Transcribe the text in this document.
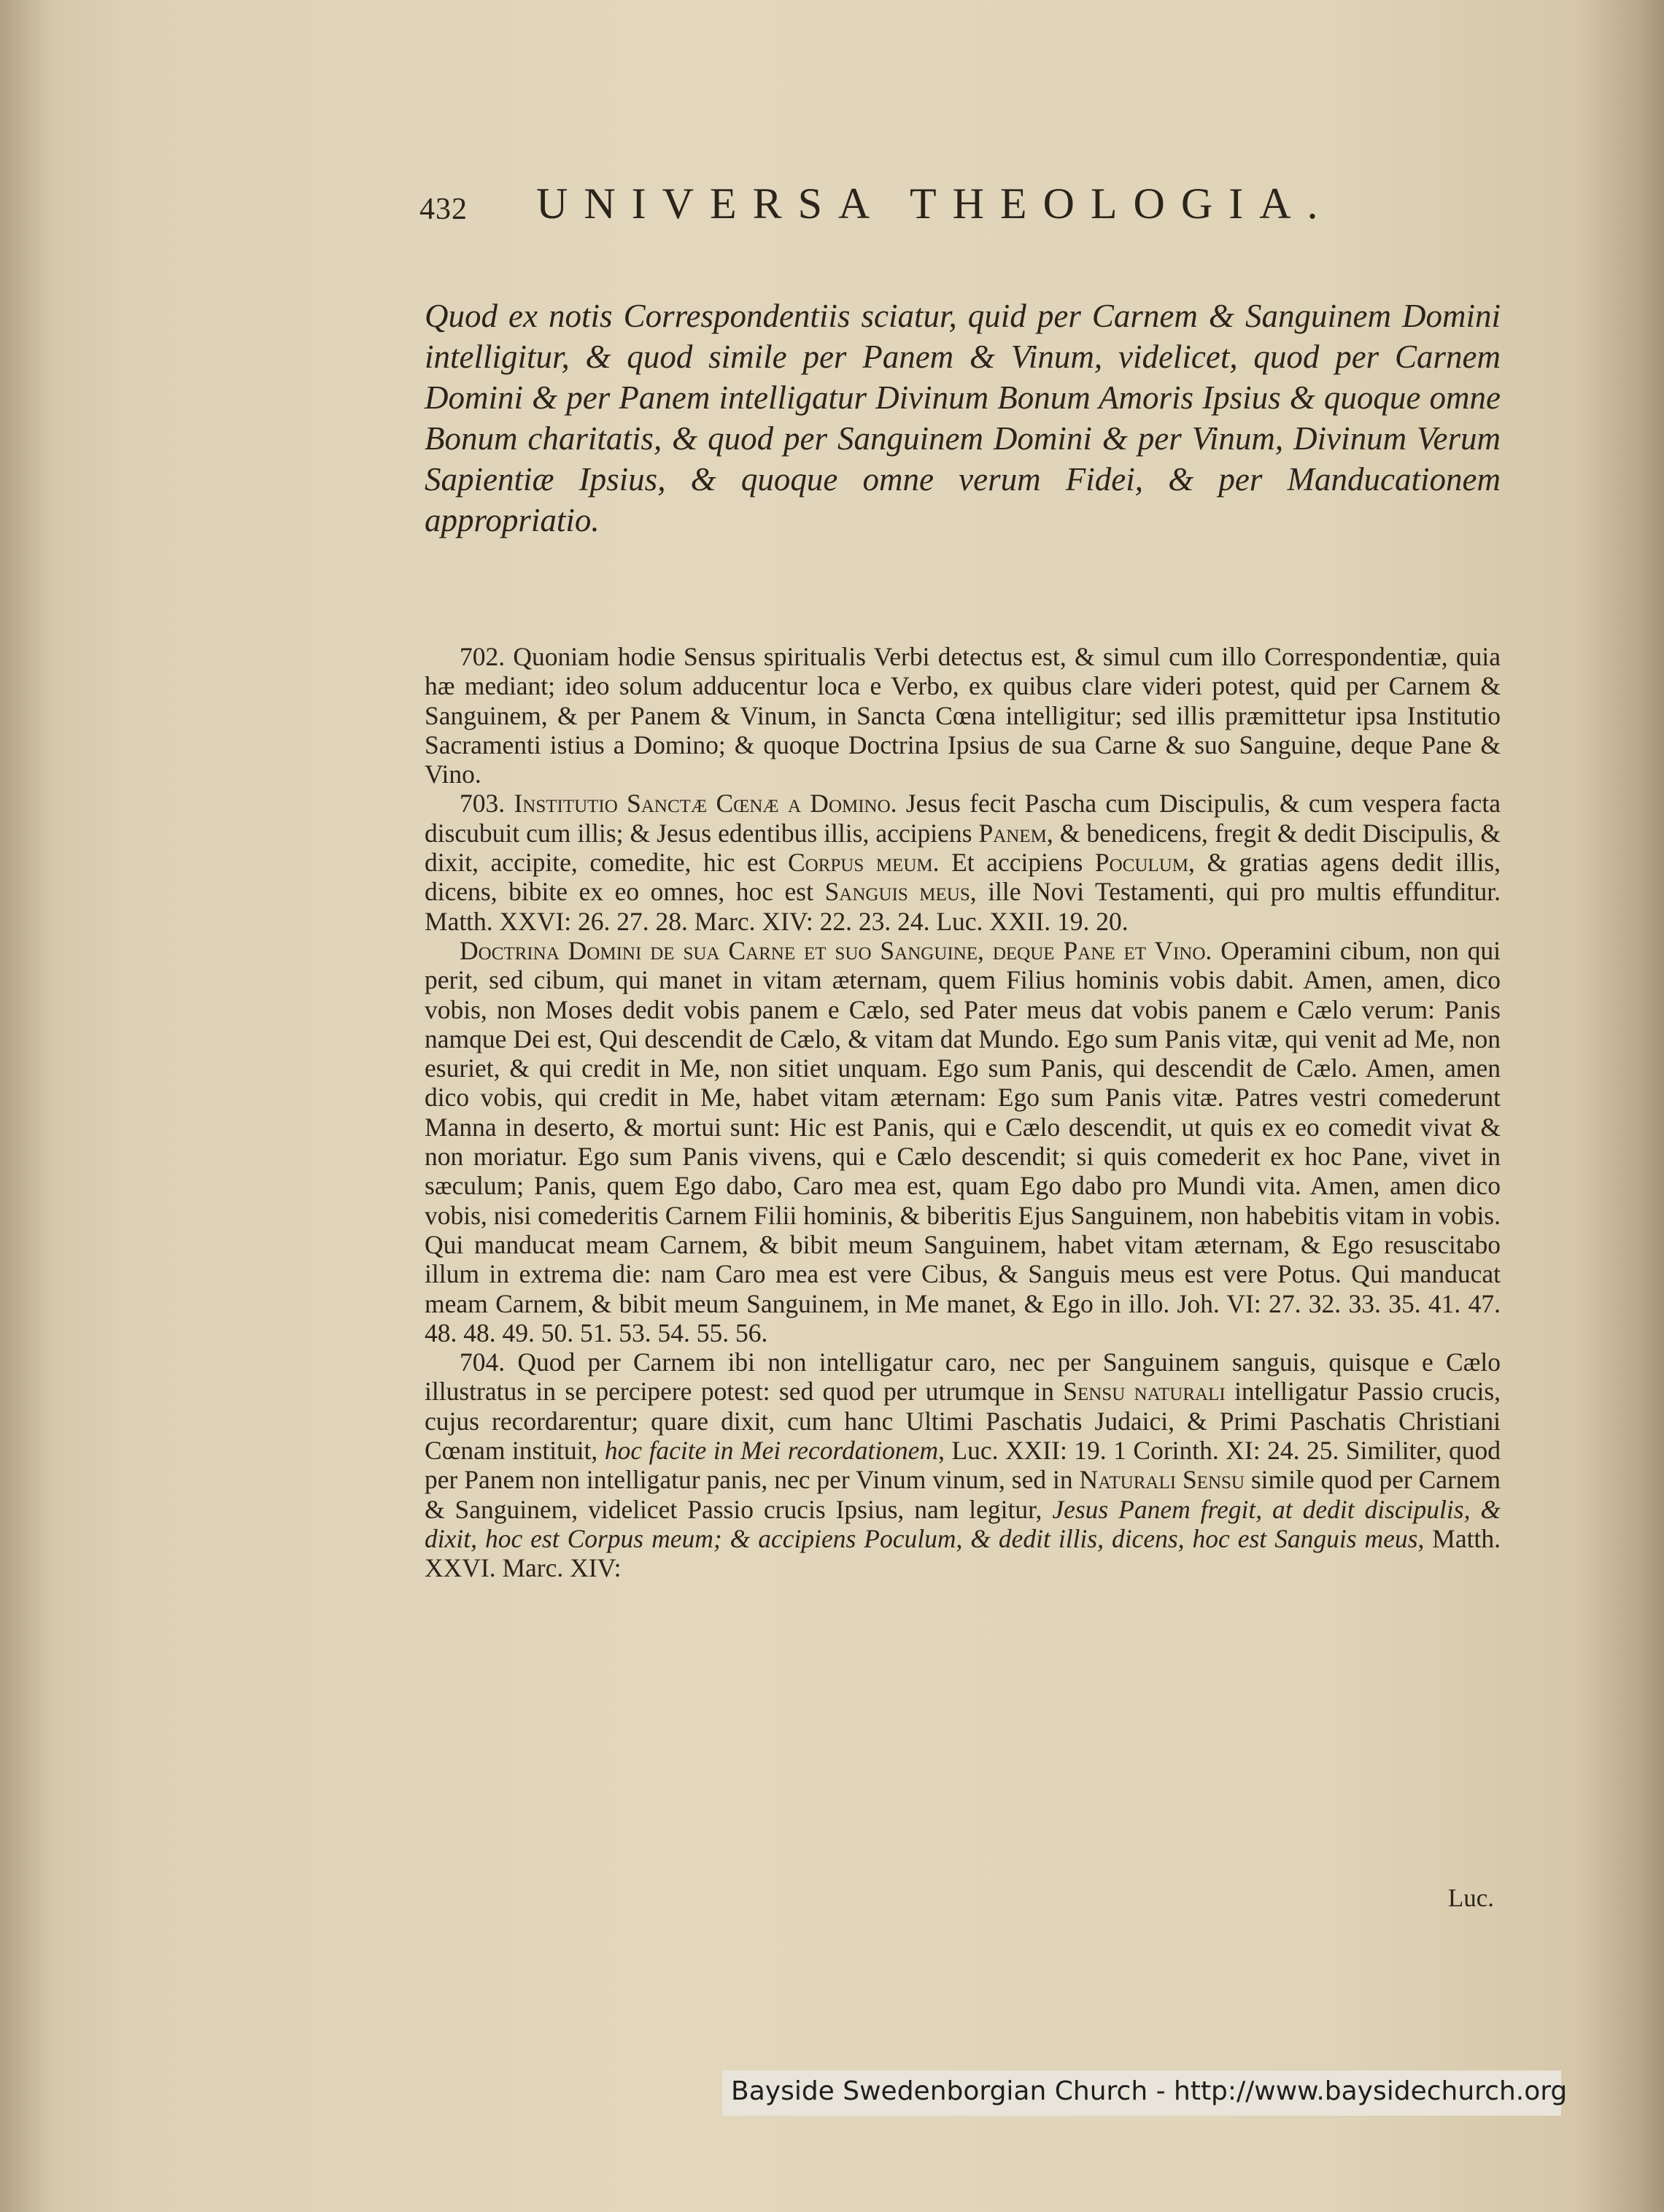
432 UNIVERSA THEOLOGIA.
Quod ex notis Correspondentiis sciatur, quid per Carnem & Sanguinem Domini intelligitur, & quod simile per Panem & Vinum, videlicet, quod per Carnem Domini & per Panem intelligatur Divinum Bonum Amoris Ipsius & quoque omne Bonum charitatis, & quod per Sanguinem Domini & per Vinum, Divinum Verum Sapientiæ Ipsius, & quoque omne verum Fidei, & per Manducationem appropriatio.

702. Quoniam hodie Sensus spiritualis Verbi detectus est, & simul cum illo Correspondentiæ, quia hæ mediant; ideo solum adducentur loca e Verbo, ex quibus clare videri potest, quid per Carnem & Sanguinem, & per Panem & Vinum, in Sancta Cœna intelligitur; sed illis præmittetur ipsa Institutio Sacramenti istius a Domino; & quoque Doctrina Ipsius de sua Carne & suo Sanguine, deque Pane & Vino.

703. Institutio Sanctæ Cœnæ a Domino. Jesus fecit Pascha cum Discipulis, & cum vespera facta discubuit cum illis; & Jesus edentibus illis, accipiens Panem, & benedicens, fregit & dedit Discipulis, & dixit, accipite, comedite, hic est Corpus meum. Et accipiens Poculum, & gratias agens dedit illis, dicens, bibite ex eo omnes, hoc est Sanguis meus, ille Novi Testamenti, qui pro multis effunditur. Matth. XXVI: 26. 27. 28. Marc. XIV: 22. 23. 24. Luc. XXII. 19. 20.

Doctrina Domini de sua Carne et suo Sanguine, deque Pane et Vino. Operamini cibum, non qui perit, sed cibum, qui manet in vitam æternam, quem Filius hominis vobis dabit. Amen, amen, dico vobis, non Moses dedit vobis panem e Cælo, sed Pater meus dat vobis panem e Cælo verum: Panis namque Dei est, Qui descendit de Cælo, & vitam dat Mundo. Ego sum Panis vitæ, qui venit ad Me, non esuriet, & qui credit in Me, non sitiet unquam. Ego sum Panis, qui descendit de Cælo. Amen, amen dico vobis, qui credit in Me, habet vitam æternam: Ego sum Panis vitæ. Patres vestri comederunt Manna in deserto, & mortui sunt: Hic est Panis, qui e Cælo descendit, ut quis ex eo comedit vivat & non moriatur. Ego sum Panis vivens, qui e Cælo descendit; si quis comederit ex hoc Pane, vivet in sæculum; Panis, quem Ego dabo, Caro mea est, quam Ego dabo pro Mundi vita. Amen, amen dico vobis, nisi comederitis Carnem Filii hominis, & biberitis Ejus Sanguinem, non habebitis vitam in vobis. Qui manducat meam Carnem, & bibit meum Sanguinem, habet vitam æternam, & Ego resuscitabo illum in extrema die: nam Caro mea est vere Cibus, & Sanguis meus est vere Potus. Qui manducat meam Carnem, & bibit meum Sanguinem, in Me manet, & Ego in illo. Joh. VI: 27. 32. 33. 35. 41. 47. 48. 48. 49. 50. 51. 53. 54. 55. 56.

704. Quod per Carnem ibi non intelligatur caro, nec per Sanguinem sanguis, quisque e Cælo illustratus in se percipere potest: sed quod per utrumque in Sensu naturali intelligatur Passio crucis, cujus recordarentur; quare dixit, cum hanc Ultimi Paschatis Judaici, & Primi Paschatis Christiani Cœnam instituit, hoc facite in Mei recordationem, Luc. XXII: 19. 1 Corinth. XI: 24. 25. Similiter, quod per Panem non intelligatur panis, nec per Vinum vinum, sed in Naturali Sensu simile quod per Carnem & Sanguinem, videlicet Passio crucis Ipsius, nam legitur, Jesus Panem fregit, at dedit discipulis, & dixit, hoc est Corpus meum; & accipiens Poculum, & dedit illis, dicens, hoc est Sanguis meus, Matth. XXVI. Marc. XIV:

Luc.
Bayside Swedenborgian Church - http://www.baysidechurch.org
